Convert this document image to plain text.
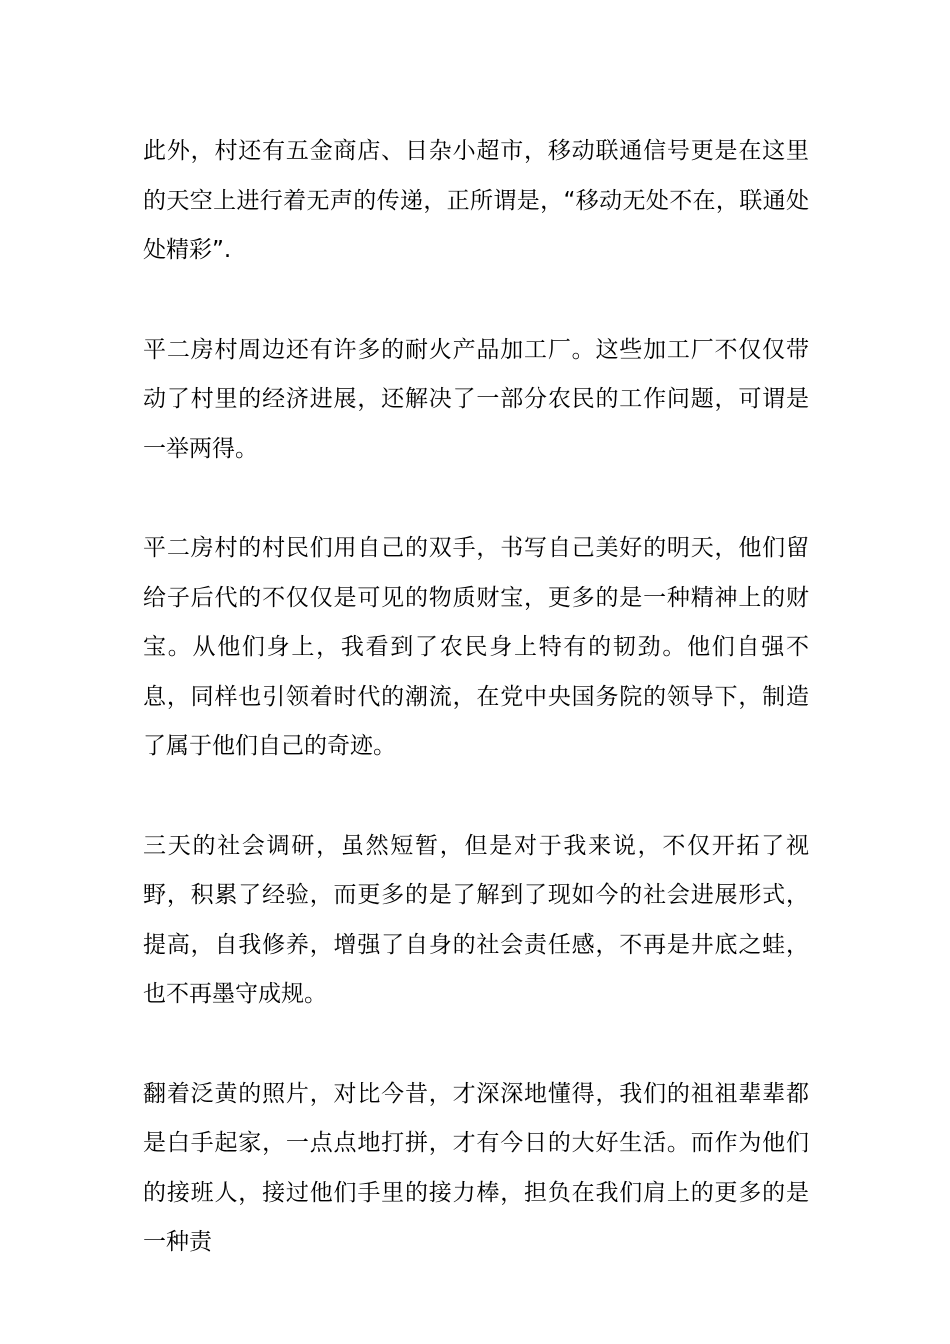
此外，村还有五金商店、日杂小超市，移动联通信号更是在这里的天空上进行着无声的传递，正所谓是，“移动无处不在，联通处处精彩”.

平二房村周边还有许多的耐火产品加工厂。这些加工厂不仅仅带动了村里的经济进展，还解决了一部分农民的工作问题，可谓是一举两得。

平二房村的村民们用自己的双手，书写自己美好的明天，他们留给子后代的不仅仅是可见的物质财宝，更多的是一种精神上的财宝。从他们身上，我看到了农民身上特有的韧劲。他们自强不息，同样也引领着时代的潮流，在党中央国务院的领导下，制造了属于他们自己的奇迹。

三天的社会调研，虽然短暂，但是对于我来说，不仅开拓了视野，积累了经验，而更多的是了解到了现如今的社会进展形式，提高，自我修养，增强了自身的社会责任感，不再是井底之蛙，也不再墨守成规。

翻着泛黄的照片，对比今昔，才深深地懂得，我们的祖祖辈辈都是白手起家，一点点地打拼，才有今日的大好生活。而作为他们的接班人，接过他们手里的接力棒，担负在我们肩上的更多的是一种责
